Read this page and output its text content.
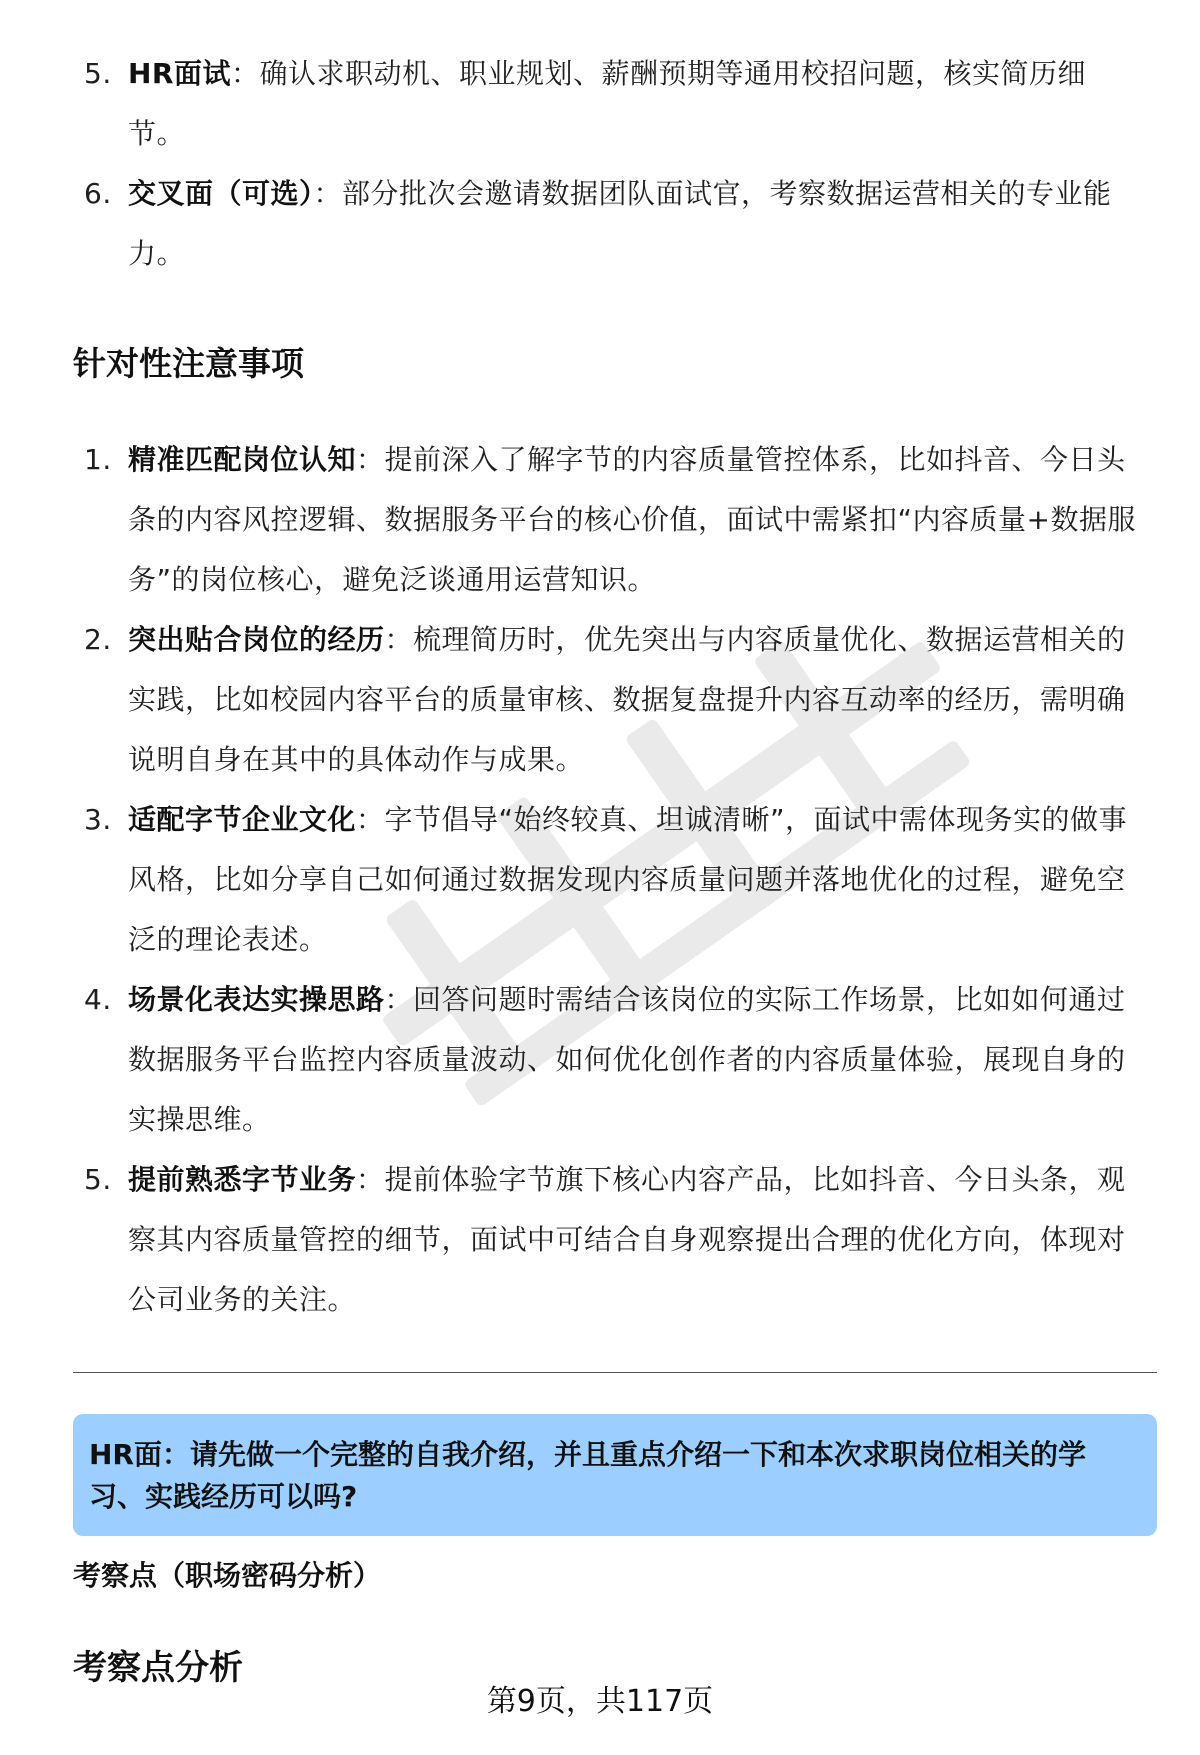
5. HR面试：确认求职动机、职业规划、薪酬预期等通用校招问题，核实简历细节。
6. 交叉面（可选）：部分批次会邀请数据团队面试官，考察数据运营相关的专业能力。
针对性注意事项
1. 精准匹配岗位认知：提前深入了解字节的内容质量管控体系，比如抖音、今日头条的内容风控逻辑、数据服务平台的核心价值，面试中需紧扣“内容质量+数据服务”的岗位核心，避免泛谈通用运营知识。
2. 突出贴合岗位的经历：梳理简历时，优先突出与内容质量优化、数据运营相关的实践，比如校园内容平台的质量审核、数据复盘提升内容互动率的经历，需明确说明自身在其中的具体动作与成果。
3. 适配字节企业文化：字节倡导“始终较真、坦诚清晰”，面试中需体现务实的做事风格，比如分享自己如何通过数据发现内容质量问题并落地优化的过程，避免空泛的理论表述。
4. 场景化表达实操思路：回答问题时需结合该岗位的实际工作场景，比如如何通过数据服务平台监控内容质量波动、如何优化创作者的内容质量体验，展现自身的实操思维。
5. 提前熟悉字节业务：提前体验字节旗下核心内容产品，比如抖音、今日头条，观察其内容质量管控的细节，面试中可结合自身观察提出合理的优化方向，体现对公司业务的关注。
HR面：请先做一个完整的自我介绍，并且重点介绍一下和本次求职岗位相关的学习、实践经历可以吗?
考察点（职场密码分析）
考察点分析
第9页，共117页
